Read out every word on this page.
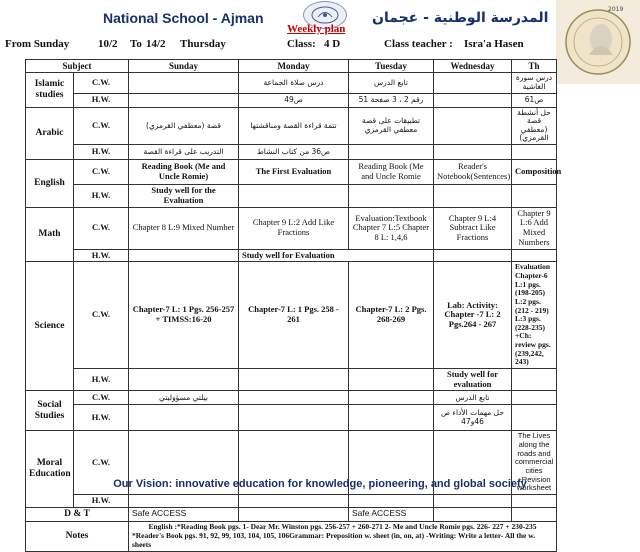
National School - Ajman
Weekly plan
المدرسة الوطنية - عجمان
2019
From Sunday	10/2 To 14/2 Thursday	Class: 4 D	Class teacher : Isra'a Hasen
Subject		Sunday	Monday	Tuesday	Wednesday	Th
Islamic studies	C.W.		درس صلاة الجماعة	تابع الدرس		درس سورة الغاشية
	H.W.		ص49	رقم 2 ، 3 صفحة 51		ص61
Arabic	C.W.	قصة (معطفي القرمزي)	تتمة قراءة القصة ومناقشتها	تطبيقات على قصة معطفي القرمزي		حل أنشطة قصة (معطفي القرمزي)
	H.W.	التدريب على قراءة القصة	ص36 من كتاب النشاط			
English	C.W.	Reading Book (Me and Uncle Romie)	The First Evaluation	Reading Book (Me and Uncle Romie	Reader's Notebook(Sentences)	Composition
	H.W.	Study well for the Evaluation				
Math	C.W.	Chapter 8 L:9 Mixed Number	Chapter 9 L:2 Add Like Fractions	Evaluation:Textbook Chapter 7 L:5 Chapter 8 L: 1,4,6	Chapter 9 L:4 Subtract Like Fractions	Chapter 9 L:6 Add Mixed Numbers
	H.W.		Study well for Evaluation			
Science	C.W.	Chapter-7 L: 1 Pgs. 256-257 + TIMSS:16-20	Chapter-7 L: 1 Pgs. 258 - 261	Chapter-7 L: 2 Pgs. 268-269	Lab: Activity: Chapter -7 L: 2 Pgs.264 - 267	Evaluation Chapter-6 L:1 pgs. (198-205) L:2 pgs.(212 - 219) L:3 pgs. (228-235) +Ch: review pgs.(239,242, 243)
	H.W.				Study well for evaluation	
Social Studies	C.W.	بيلتي مسؤوليتي			تابع الدرس	
	H.W.				حل مهمات الأداء ص 46و47	
Moral Education	C.W.					The Lives along the roads and commercial cities +Revision worksheet
	H.W.					
D & T		Safe ACCESS		Safe ACCESS		
Notes		English :*Reading Book pgs. 1- Dear Mr. Winston pgs. 256-257 + 260-271 2- Me and Uncle Romie pgs. 226- 227 + 230-235
*Reader's Book pgs. 91, 92, 99, 103, 104, 105, 106Grammar: Preposition w. sheet (in, on, at) -Writing: Write a letter- All the w. sheets				
Our Vision: innovative education for knowledge, pioneering, and global society
